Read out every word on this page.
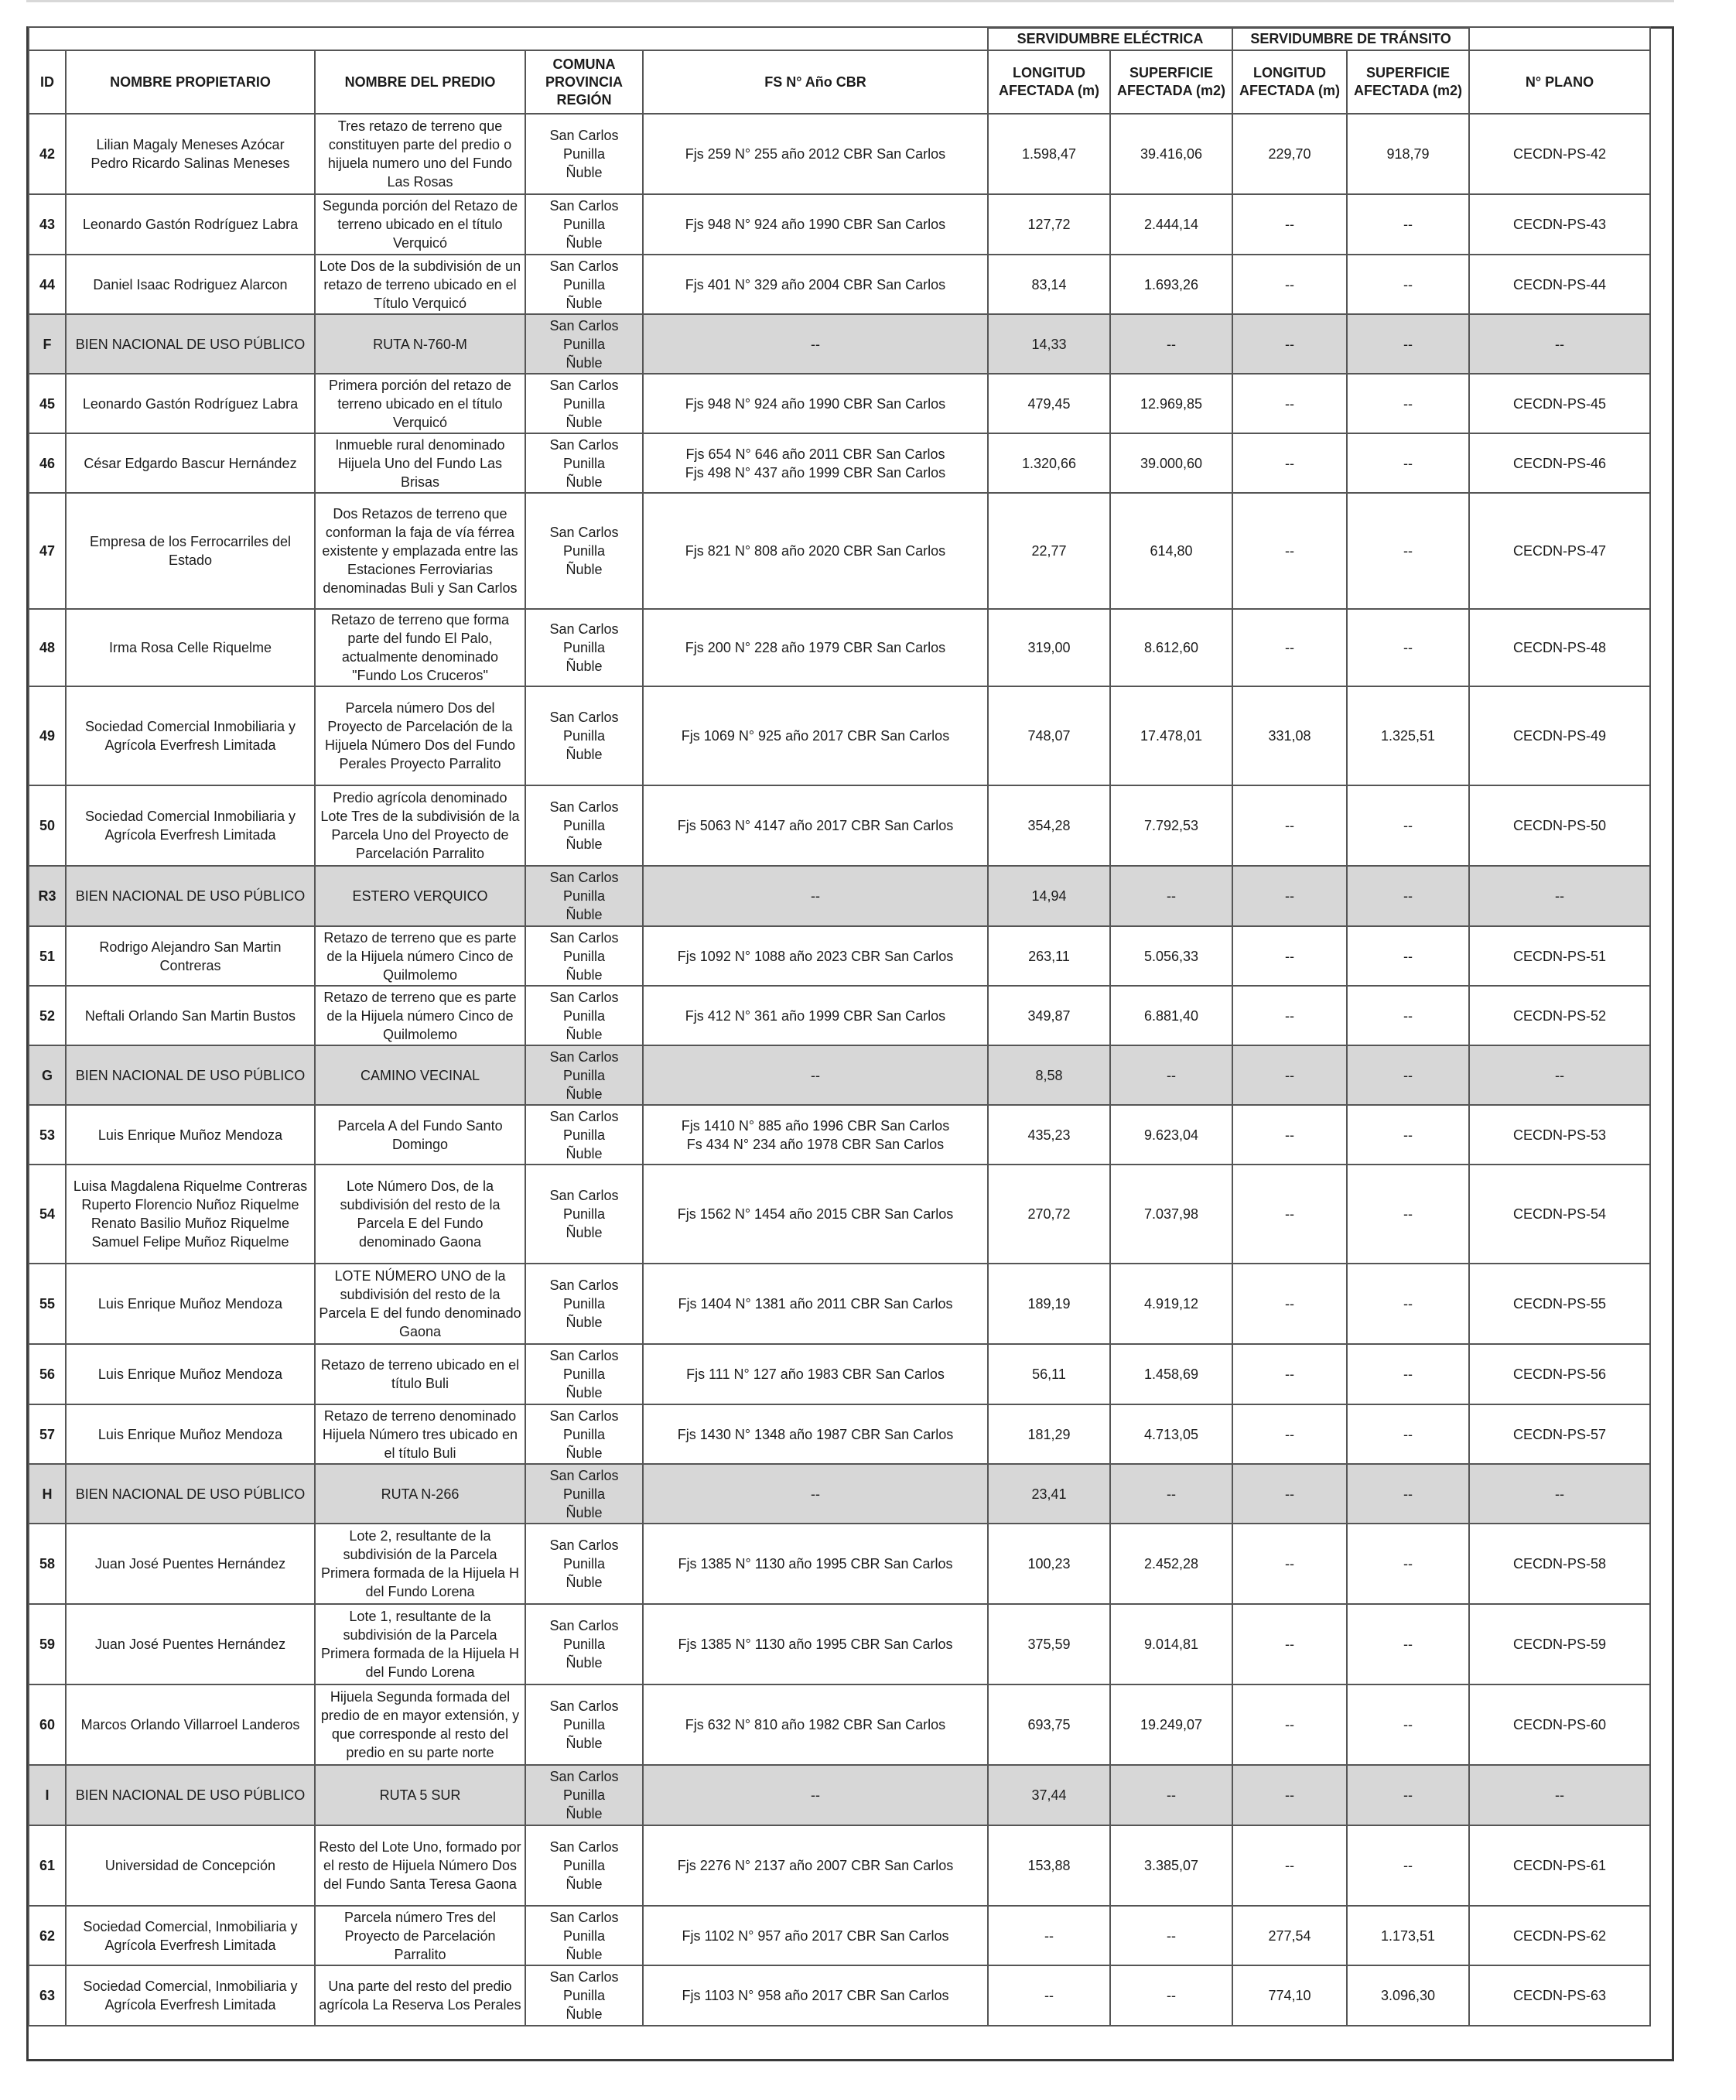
					SERVIDUMBRE ELÉCTRICA		SERVIDUMBRE DE TRÁNSITO		
ID	NOMBRE PROPIETARIO	NOMBRE DEL PREDIO	COMUNA PROVINCIA REGIÓN	FS N° Año CBR	LONGITUD AFECTADA (m)	SUPERFICIE AFECTADA (m2)	LONGITUD AFECTADA (m)	SUPERFICIE AFECTADA (m2)	N° PLANO
42	Lilian Magaly Meneses Azócar
Pedro Ricardo Salinas Meneses	Tres retazo de terreno que constituyen parte del predio o hijuela numero uno del Fundo Las Rosas	San Carlos
Punilla
Ñuble	Fjs 259 N° 255 año 2012 CBR San Carlos	1.598,47	39.416,06	229,70	918,79	CECDN-PS-42
43	Leonardo Gastón Rodríguez Labra	Segunda porción del Retazo de terreno ubicado en el título Verquicó	San Carlos
Punilla
Ñuble	Fjs 948 N° 924 año 1990 CBR San Carlos	127,72	2.444,14	--	--	CECDN-PS-43
44	Daniel Isaac Rodriguez Alarcon	Lote Dos de la subdivisión de un retazo de terreno ubicado en el Título Verquicó	San Carlos
Punilla
Ñuble	Fjs 401 N° 329 año 2004 CBR San Carlos	83,14	1.693,26	--	--	CECDN-PS-44
F	BIEN NACIONAL DE USO PÚBLICO	RUTA N-760-M	San Carlos
Punilla
Ñuble	--	14,33	--	--	--	--
45	Leonardo Gastón Rodríguez Labra	Primera porción del retazo de terreno ubicado en el título Verquicó	San Carlos
Punilla
Ñuble	Fjs 948 N° 924 año 1990 CBR San Carlos	479,45	12.969,85	--	--	CECDN-PS-45
46	César Edgardo Bascur Hernández	Inmueble rural denominado Hijuela Uno del Fundo Las Brisas	San Carlos
Punilla
Ñuble	Fjs 654 N° 646 año 2011 CBR San Carlos
Fjs 498 N° 437 año 1999 CBR San Carlos	1.320,66	39.000,60	--	--	CECDN-PS-46
47	Empresa de los Ferrocarriles del Estado	Dos Retazos de terreno que conforman la faja de vía férrea existente y emplazada entre las Estaciones Ferroviarias denominadas Buli y San Carlos	San Carlos
Punilla
Ñuble	Fjs 821 N° 808 año 2020 CBR San Carlos	22,77	614,80	--	--	CECDN-PS-47
48	Irma Rosa Celle Riquelme	Retazo de terreno que forma parte del fundo El Palo, actualmente denominado "Fundo Los Cruceros"	San Carlos
Punilla
Ñuble	Fjs 200 N° 228 año 1979 CBR San Carlos	319,00	8.612,60	--	--	CECDN-PS-48
49	Sociedad Comercial Inmobiliaria y Agrícola Everfresh Limitada	Parcela número Dos del Proyecto de Parcelación de la Hijuela Número Dos del Fundo Perales Proyecto Parralito	San Carlos
Punilla
Ñuble	Fjs 1069 N° 925 año 2017 CBR San Carlos	748,07	17.478,01	331,08	1.325,51	CECDN-PS-49
50	Sociedad Comercial Inmobiliaria y Agrícola Everfresh Limitada	Predio agrícola denominado Lote Tres de la subdivisión de la Parcela Uno del Proyecto de Parcelación Parralito	San Carlos
Punilla
Ñuble	Fjs 5063 N° 4147 año 2017 CBR San Carlos	354,28	7.792,53	--	--	CECDN-PS-50
R3	BIEN NACIONAL DE USO PÚBLICO	ESTERO VERQUICO	San Carlos
Punilla
Ñuble	--	14,94	--	--	--	--
51	Rodrigo Alejandro San Martin Contreras	Retazo de terreno que es parte de la Hijuela número Cinco de Quilmolemo	San Carlos
Punilla
Ñuble	Fjs 1092 N° 1088 año 2023 CBR San Carlos	263,11	5.056,33	--	--	CECDN-PS-51
52	Neftali Orlando San Martin Bustos	Retazo de terreno que es parte de la Hijuela número Cinco de Quilmolemo	San Carlos
Punilla
Ñuble	Fjs 412 N° 361 año 1999 CBR San Carlos	349,87	6.881,40	--	--	CECDN-PS-52
G	BIEN NACIONAL DE USO PÚBLICO	CAMINO VECINAL	San Carlos
Punilla
Ñuble	--	8,58	--	--	--	--
53	Luis Enrique Muñoz Mendoza	Parcela A del Fundo Santo Domingo	San Carlos
Punilla
Ñuble	Fjs 1410 N° 885 año 1996 CBR San Carlos
Fs 434 N° 234 año 1978 CBR San Carlos	435,23	9.623,04	--	--	CECDN-PS-53
54	Luisa Magdalena Riquelme Contreras
Ruperto Florencio Nuñoz Riquelme
Renato Basilio Muñoz Riquelme
Samuel Felipe Muñoz Riquelme	Lote Número Dos, de la subdivisión del resto de la Parcela E del Fundo denominado Gaona	San Carlos
Punilla
Ñuble	Fjs 1562 N° 1454 año 2015 CBR San Carlos	270,72	7.037,98	--	--	CECDN-PS-54
55	Luis Enrique Muñoz Mendoza	LOTE NÚMERO UNO de la subdivisión del resto de la Parcela E del fundo denominado Gaona	San Carlos
Punilla
Ñuble	Fjs 1404 N° 1381 año 2011 CBR San Carlos	189,19	4.919,12	--	--	CECDN-PS-55
56	Luis Enrique Muñoz Mendoza	Retazo de terreno ubicado en el título Buli	San Carlos
Punilla
Ñuble	Fjs 111 N° 127 año 1983 CBR San Carlos	56,11	1.458,69	--	--	CECDN-PS-56
57	Luis Enrique Muñoz Mendoza	Retazo de terreno denominado Hijuela Número tres ubicado en el título Buli	San Carlos
Punilla
Ñuble	Fjs 1430 N° 1348 año 1987 CBR San Carlos	181,29	4.713,05	--	--	CECDN-PS-57
H	BIEN NACIONAL DE USO PÚBLICO	RUTA N-266	San Carlos
Punilla
Ñuble	--	23,41	--	--	--	--
58	Juan José Puentes Hernández	Lote 2, resultante de la subdivisión de la Parcela Primera formada de la Hijuela H del Fundo Lorena	San Carlos
Punilla
Ñuble	Fjs 1385 N° 1130 año 1995 CBR San Carlos	100,23	2.452,28	--	--	CECDN-PS-58
59	Juan José Puentes Hernández	Lote 1, resultante de la subdivisión de la Parcela Primera formada de la Hijuela H del Fundo Lorena	San Carlos
Punilla
Ñuble	Fjs 1385 N° 1130 año 1995 CBR San Carlos	375,59	9.014,81	--	--	CECDN-PS-59
60	Marcos Orlando Villarroel Landeros	Hijuela Segunda formada del predio de en mayor extensión, y que corresponde al resto del predio en su parte norte	San Carlos
Punilla
Ñuble	Fjs 632 N° 810 año 1982 CBR San Carlos	693,75	19.249,07	--	--	CECDN-PS-60
I	BIEN NACIONAL DE USO PÚBLICO	RUTA 5 SUR	San Carlos
Punilla
Ñuble	--	37,44	--	--	--	--
61	Universidad de Concepción	Resto del Lote Uno, formado por el resto de Hijuela Número Dos del Fundo Santa Teresa Gaona	San Carlos
Punilla
Ñuble	Fjs 2276 N° 2137 año 2007 CBR San Carlos	153,88	3.385,07	--	--	CECDN-PS-61
62	Sociedad Comercial, Inmobiliaria y Agrícola Everfresh Limitada	Parcela número Tres del Proyecto de Parcelación Parralito	San Carlos
Punilla
Ñuble	Fjs 1102 N° 957 año 2017 CBR San Carlos	--	--	277,54	1.173,51	CECDN-PS-62
63	Sociedad Comercial, Inmobiliaria y Agrícola Everfresh Limitada	Una parte del resto del predio agrícola La Reserva Los Perales	San Carlos
Punilla
Ñuble	Fjs 1103 N° 958 año 2017 CBR San Carlos	--	--	774,10	3.096,30	CECDN-PS-63
